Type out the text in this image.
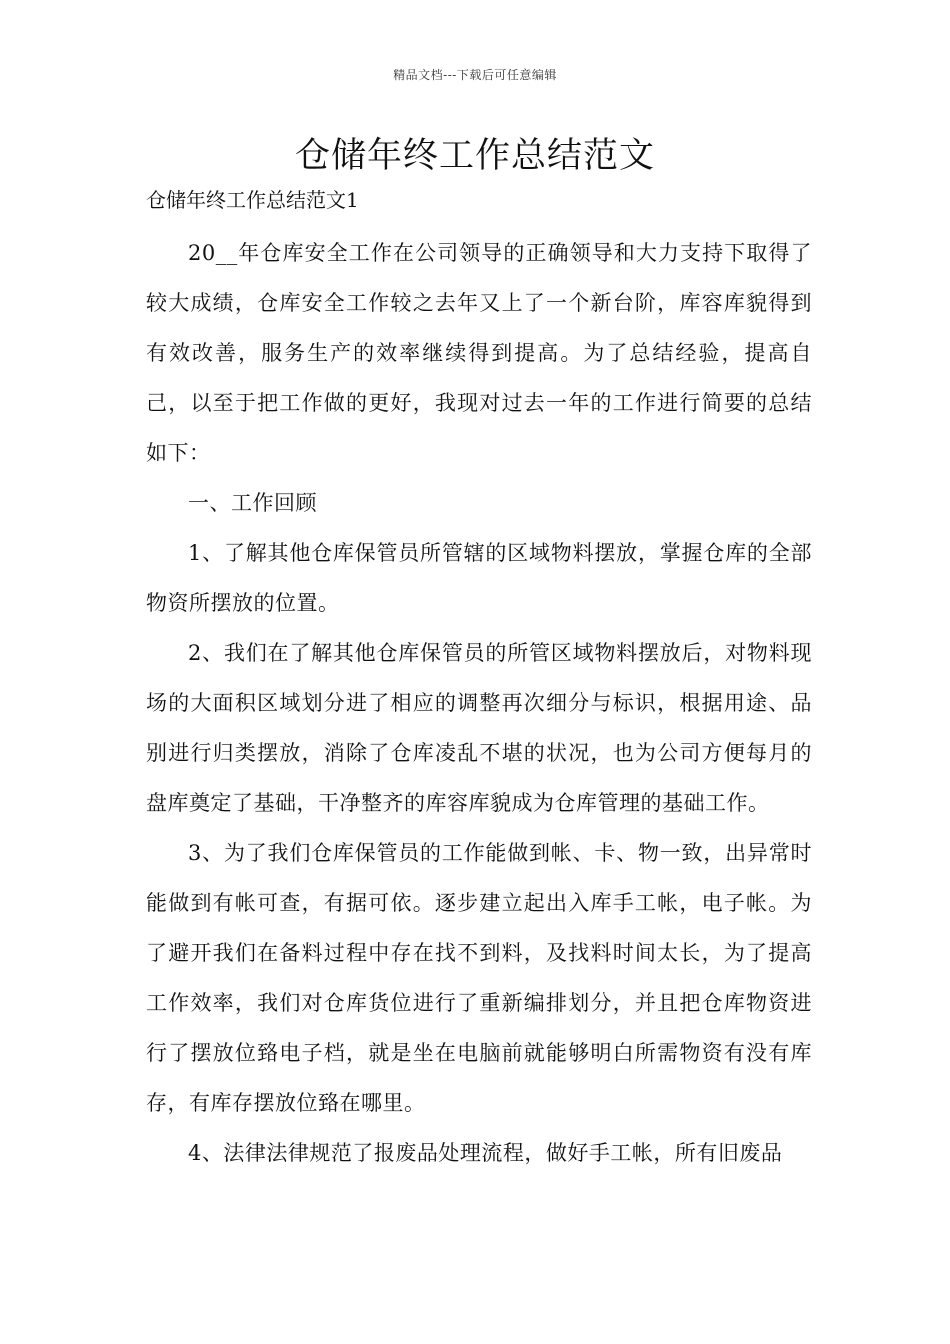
精品文档---下载后可任意编辑
仓储年终工作总结范文

仓储年终工作总结范文1

20__年仓库安全工作在公司领导的正确领导和大力支持下取得了较大成绩，仓库安全工作较之去年又上了一个新台阶，库容库貌得到有效改善，服务生产的效率继续得到提高。为了总结经验，提高自己，以至于把工作做的更好，我现对过去一年的工作进行简要的总结如下：

一、工作回顾

1、了解其他仓库保管员所管辖的区域物料摆放，掌握仓库的全部物资所摆放的位置。

2、我们在了解其他仓库保管员的所管区域物料摆放后，对物料现场的大面积区域划分进了相应的调整再次细分与标识，根据用途、品别进行归类摆放，消除了仓库凌乱不堪的状况，也为公司方便每月的盘库奠定了基础，干净整齐的库容库貌成为仓库管理的基础工作。

3、为了我们仓库保管员的工作能做到帐、卡、物一致，出异常时能做到有帐可查，有据可依。逐步建立起出入库手工帐，电子帐。为了避开我们在备料过程中存在找不到料，及找料时间太长，为了提高工作效率，我们对仓库货位进行了重新编排划分，并且把仓库物资进行了摆放位臵电子档，就是坐在电脑前就能够明白所需物资有没有库存，有库存摆放位臵在哪里。

4、法律法律规范了报废品处理流程，做好手工帐，所有旧废品
